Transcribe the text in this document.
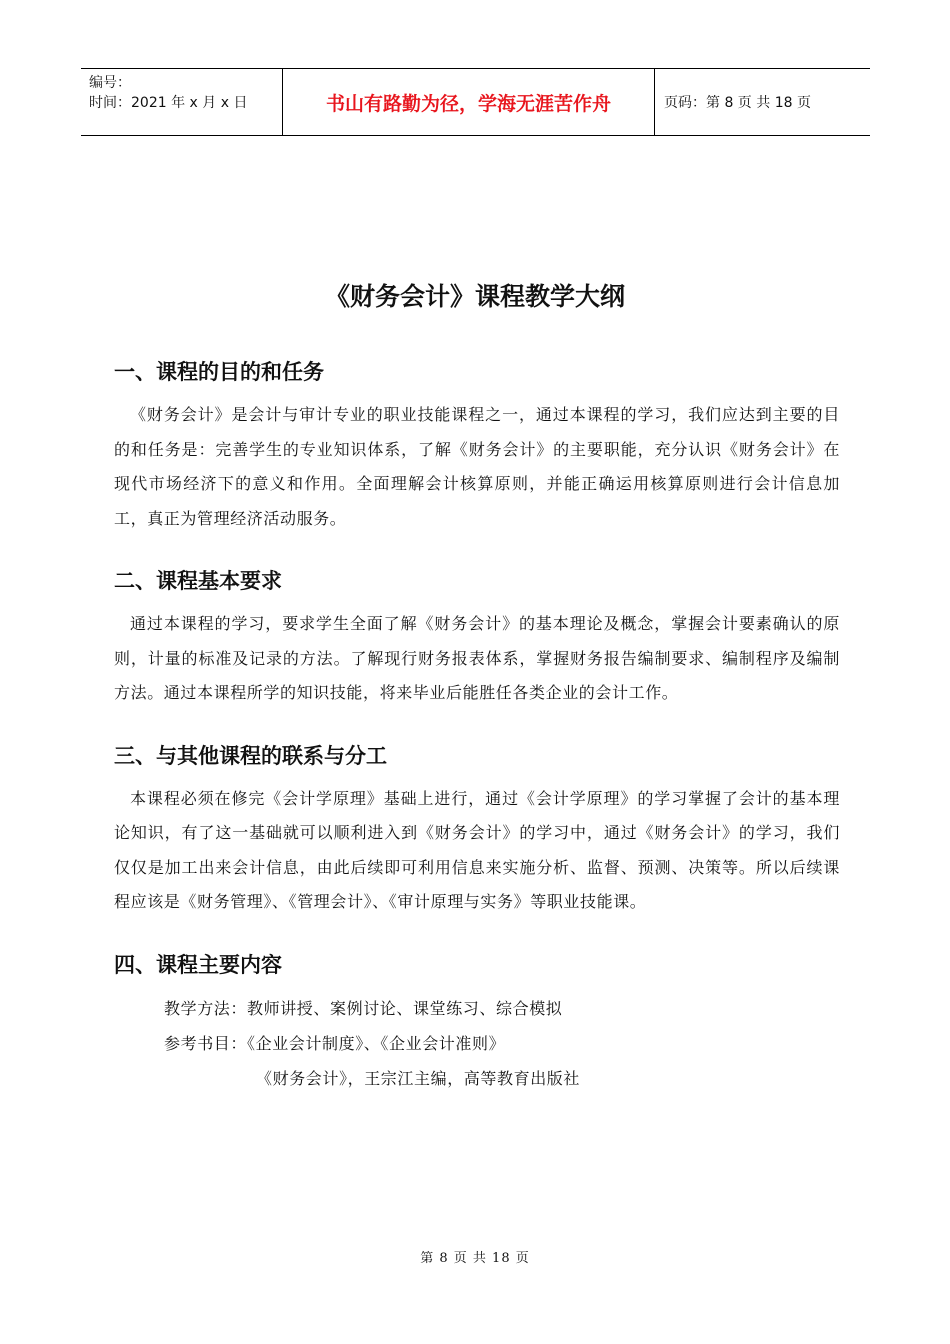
编号：
时间：2021 年 x 月 x 日	书山有路勤为径，学海无涯苦作舟	页码：第 8 页 共 18 页
《财务会计》课程教学大纲
一、课程的目的和任务

《财务会计》是会计与审计专业的职业技能课程之一，通过本课程的学习，我们应达到主要的目的和任务是：完善学生的专业知识体系，了解《财务会计》的主要职能，充分认识《财务会计》在现代市场经济下的意义和作用。全面理解会计核算原则，并能正确运用核算原则进行会计信息加工，真正为管理经济活动服务。

二、课程基本要求

通过本课程的学习，要求学生全面了解《财务会计》的基本理论及概念，掌握会计要素确认的原则，计量的标准及记录的方法。了解现行财务报表体系，掌握财务报告编制要求、编制程序及编制方法。通过本课程所学的知识技能，将来毕业后能胜任各类企业的会计工作。

三、与其他课程的联系与分工

本课程必须在修完《会计学原理》基础上进行，通过《会计学原理》的学习掌握了会计的基本理论知识，有了这一基础就可以顺利进入到《财务会计》的学习中，通过《财务会计》的学习，我们仅仅是加工出来会计信息，由此后续即可利用信息来实施分析、监督、预测、决策等。所以后续课程应该是《财务管理》、《管理会计》、《审计原理与实务》等职业技能课。

四、课程主要内容
教学方法：教师讲授、案例讨论、课堂练习、综合模拟
参考书目：《企业会计制度》、《企业会计准则》
《财务会计》，王宗江主编，高等教育出版社
第 8 页 共 18 页
